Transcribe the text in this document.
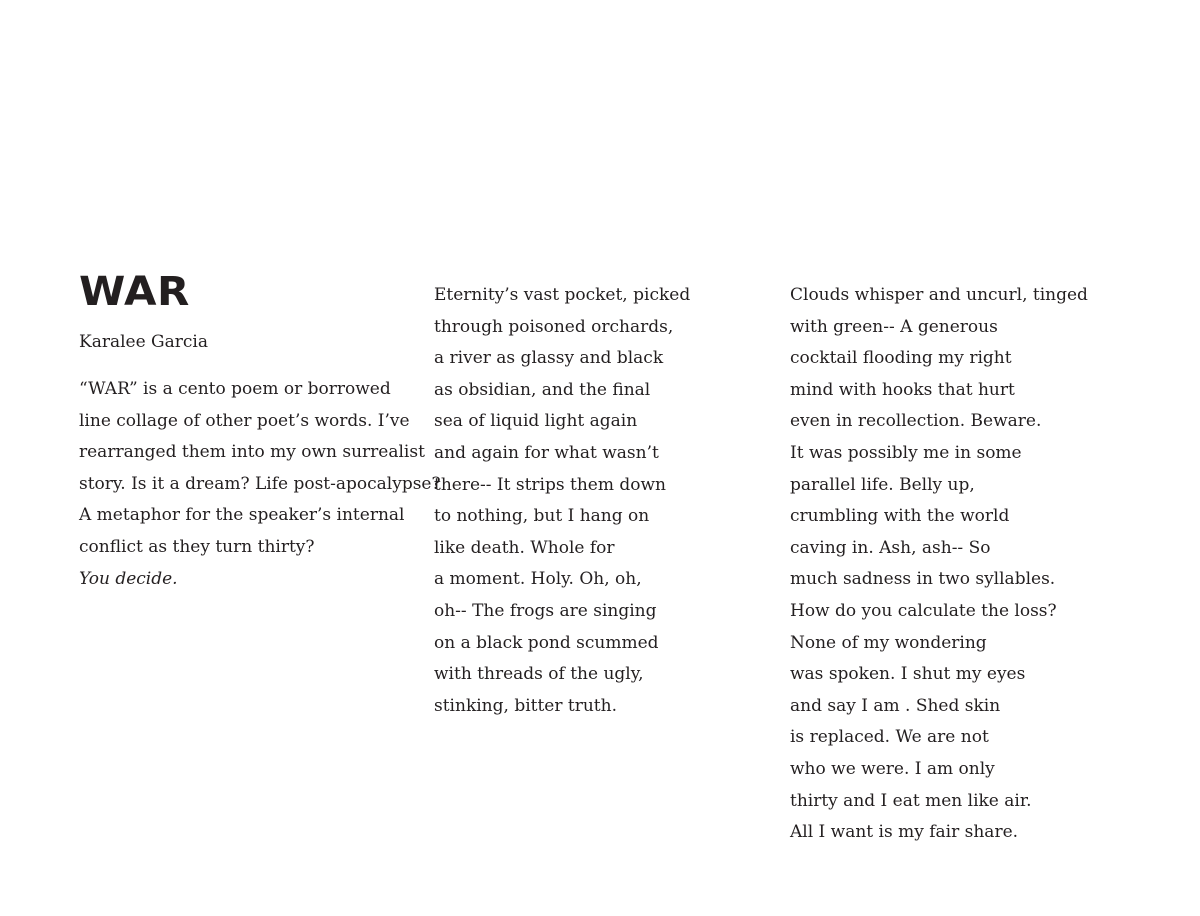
WAR
Karalee Garcia
“WAR” is a cento poem or borrowed
line collage of other poet’s words. I’ve
rearranged them into my own surrealist
story. Is it a dream? Life post-apocalypse?
A metaphor for the speaker’s internal
conflict as they turn thirty?
You decide.
Eternity’s vast pocket, picked
through poisoned orchards,
a river as glassy and black
as obsidian, and the final
sea of liquid light again
and again for what wasn’t
there-- It strips them down
to nothing, but I hang on
like death. Whole for
a moment. Holy. Oh, oh,
oh-- The frogs are singing
on a black pond scummed
with threads of the ugly,
stinking, bitter truth.
Clouds whisper and uncurl, tinged
with green-- A generous
cocktail flooding my right
mind with hooks that hurt
even in recollection. Beware.
It was possibly me in some
parallel life. Belly up,
crumbling with the world
caving in. Ash, ash-- So
much sadness in two syllables.
How do you calculate the loss?
None of my wondering
was spoken. I shut my eyes
and say I am . Shed skin
is replaced. We are not
who we were. I am only
thirty and I eat men like air.
All I want is my fair share.
